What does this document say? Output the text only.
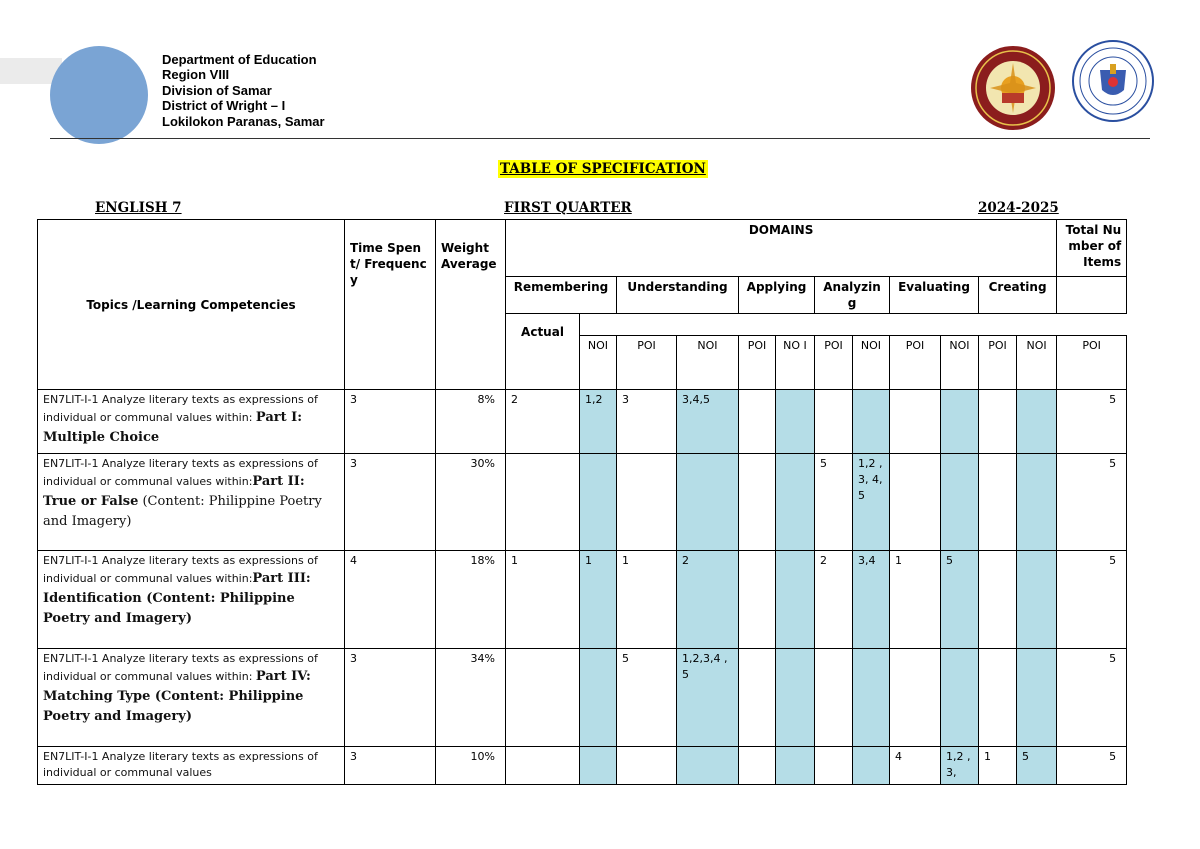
Department of Education
Region VIII
Division of Samar
District of Wright – I
Lokilokon Paranas, Samar
TABLE OF SPECIFICATION
ENGLISH 7	FIRST QUARTER	2024-2025
Topics /Learning Competencies	Time Spent/ Frequency	Weight Average	DOMAINS												Total Number of Items
			Remembering		Understanding		Applying		Analyzin g		Evaluating		Creating		
			Actual												
				NOI	POI	NOI	POI	NO I	POI	NOI	POI	NOI	POI	NOI	POI
EN7LIT-I-1 Analyze literary texts as expressions of individual or communal values within: Part I: Multiple Choice	3	8%	2	1,2	3	3,4,5									5
EN7LIT-I-1 Analyze literary texts as expressions of individual or communal values within:Part II: True or False (Content: Philippine Poetry and Imagery)	3	30%							5	1,2 ,3, 4,5					5
EN7LIT-I-1 Analyze literary texts as expressions of individual or communal values within:Part III: Identification (Content: Philippine Poetry and Imagery)	4	18%	1	1	1	2			2	3,4	1	5			5
EN7LIT-I-1 Analyze literary texts as expressions of individual or communal values within: Part IV: Matching Type (Content: Philippine Poetry and Imagery)	3	34%			5	1,2,3,4 ,5									5
EN7LIT-I-1 Analyze literary texts as expressions of individual or communal values	3	10%									4	1,2 ,3,	1	5	5
